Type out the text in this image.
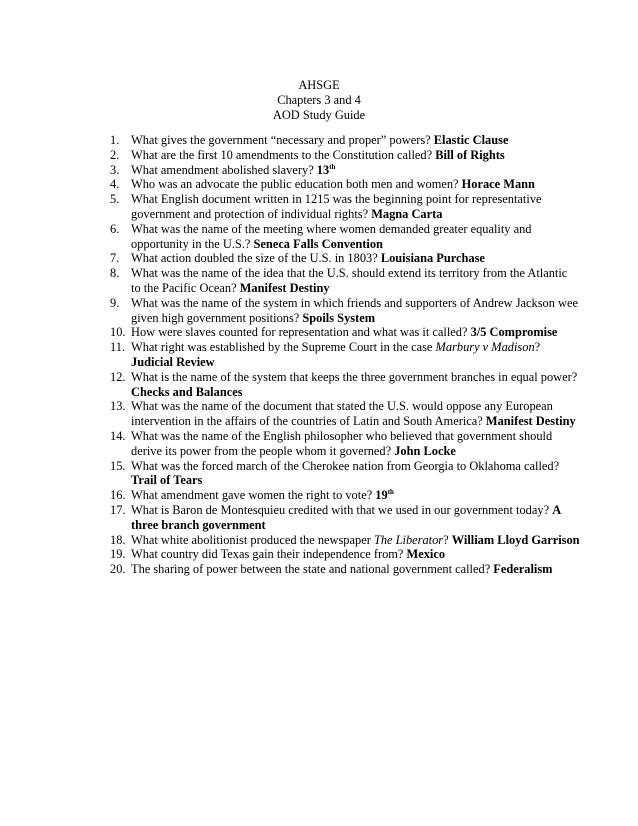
AHSGE
Chapters 3 and 4
AOD Study Guide
1. What gives the government “necessary and proper” powers? Elastic Clause
2. What are the first 10 amendments to the Constitution called? Bill of Rights
3. What amendment abolished slavery? 13th
4. Who was an advocate the public education both men and women? Horace Mann
5. What English document written in 1215 was the beginning point for representative government and protection of individual rights? Magna Carta
6. What was the name of the meeting where women demanded greater equality and opportunity in the U.S.? Seneca Falls Convention
7. What action doubled the size of the U.S. in 1803? Louisiana Purchase
8. What was the name of the idea that the U.S. should extend its territory from the Atlantic to the Pacific Ocean? Manifest Destiny
9. What was the name of the system in which friends and supporters of Andrew Jackson wee given high government positions? Spoils System
10. How were slaves counted for representation and what was it called? 3/5 Compromise
11. What right was established by the Supreme Court in the case Marbury v Madison? Judicial Review
12. What is the name of the system that keeps the three government branches in equal power? Checks and Balances
13. What was the name of the document that stated the U.S. would oppose any European intervention in the affairs of the countries of Latin and South America? Manifest Destiny
14. What was the name of the English philosopher who believed that government should derive its power from the people whom it governed? John Locke
15. What was the forced march of the Cherokee nation from Georgia to Oklahoma called? Trail of Tears
16. What amendment gave women the right to vote? 19th
17. What is Baron de Montesquieu credited with that we used in our government today? A three branch government
18. What white abolitionist produced the newspaper The Liberator? William Lloyd Garrison
19. What country did Texas gain their independence from? Mexico
20. The sharing of power between the state and national government called? Federalism
